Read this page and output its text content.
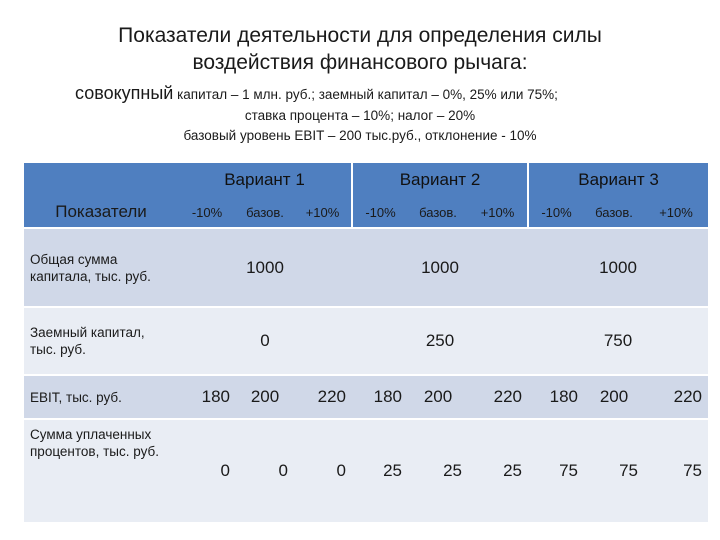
Показатели деятельности для определения силы
воздействия финансового рычага:
совокупный капитал – 1 млн. руб.; заемный капитал – 0%, 25% или 75%;
ставка процента – 10%; налог – 20%
базовый уровень EBIT – 200 тыс.руб., отклонение - 10%
	Вариант 1			Вариант 2			Вариант 3		
Показатели	-10%	базов.	+10%	-10%	базов.	+10%	-10%	базов.	+10%
Общая сумма капитала, тыс. руб.	1000			1000			1000		
Заемный капитал, тыс. руб.	0			250			750		
EBIT, тыс. руб.	180	200	220	180	200	220	180	200	220
Сумма уплаченных процентов, тыс. руб.	0	0	0	25	25	25	75	75	75
